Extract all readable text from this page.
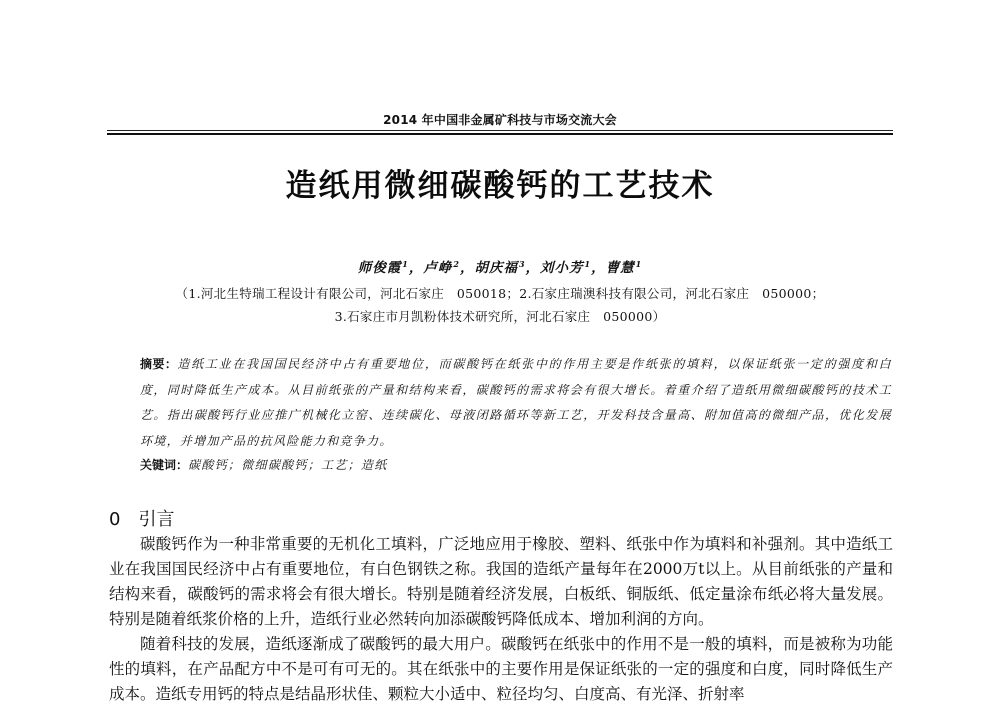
2014 年中国非金属矿科技与市场交流大会
造纸用微细碳酸钙的工艺技术
师俊霞$^1$，卢峥$^2$，胡庆福$^3$，刘小芳$^1$，曹慧$^1$
（1.河北生特瑞工程设计有限公司，河北石家庄　050018；2.石家庄瑞澳科技有限公司，河北石家庄　050000；
3.石家庄市月凯粉体技术研究所，河北石家庄　050000）
摘要：造纸工业在我国国民经济中占有重要地位，而碳酸钙在纸张中的作用主要是作纸张的填料，以保证纸张一定的强度和白度，同时降低生产成本。从目前纸张的产量和结构来看，碳酸钙的需求将会有很大增长。着重介绍了造纸用微细碳酸钙的技术工艺。指出碳酸钙行业应推广机械化立窑、连续碳化、母液闭路循环等新工艺，开发科技含量高、附加值高的微细产品，优化发展环境，并增加产品的抗风险能力和竞争力。
关键词：碳酸钙；微细碳酸钙；工艺；造纸
0 引言

碳酸钙作为一种非常重要的无机化工填料，广泛地应用于橡胶、塑料、纸张中作为填料和补强剂。其中造纸工业在我国国民经济中占有重要地位，有白色钢铁之称。我国的造纸产量每年在2000万t以上。从目前纸张的产量和结构来看，碳酸钙的需求将会有很大增长。特别是随着经济发展，白板纸、铜版纸、低定量涂布纸必将大量发展。特别是随着纸浆价格的上升，造纸行业必然转向加添碳酸钙降低成本、增加利润的方向。

随着科技的发展，造纸逐渐成了碳酸钙的最大用户。碳酸钙在纸张中的作用不是一般的填料，而是被称为功能性的填料，在产品配方中不是可有可无的。其在纸张中的主要作用是保证纸张的一定的强度和白度，同时降低生产成本。造纸专用钙的特点是结晶形状佳、颗粒大小适中、粒径均匀、白度高、有光泽、折射率
